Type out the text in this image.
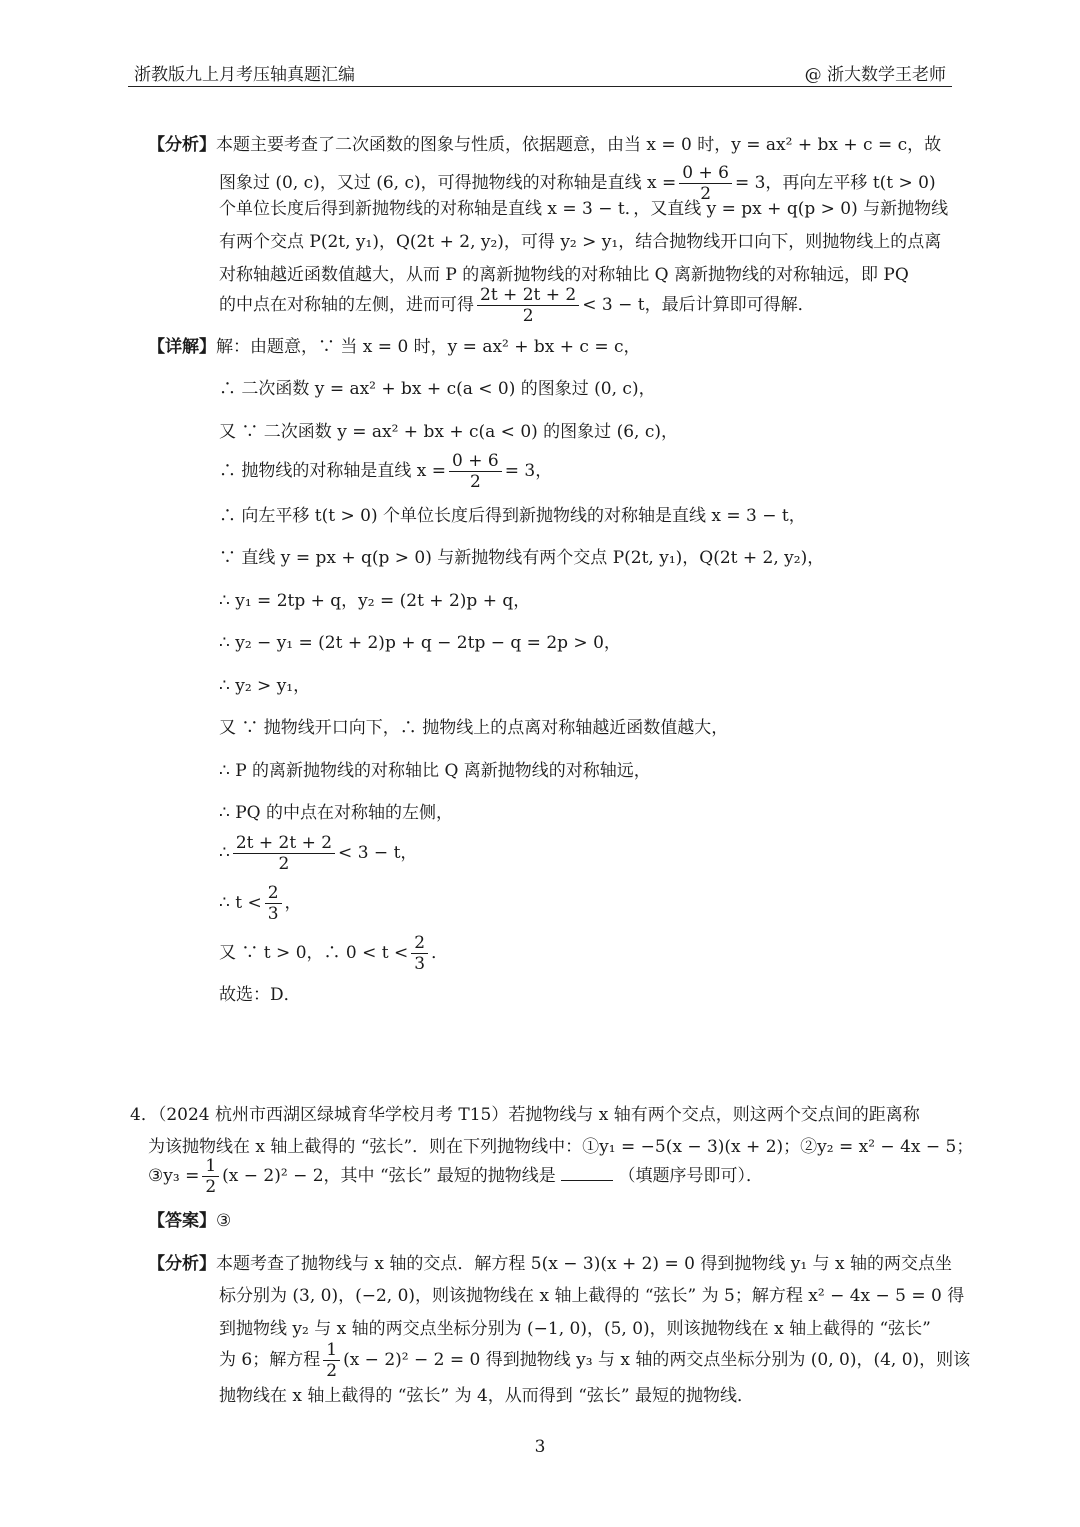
浙教版九上月考压轴真题汇编	@ 浙大数学王老师
【分析】本题主要考查了二次函数的图象与性质，依据题意，由当 x = 0 时，y = ax² + bx + c = c，故
图象过 (0, c)，又过 (6, c)，可得抛物线的对称轴是直线 $x = \frac{0 + 6}{2} = 3$，再向左平移 t(t > 0)
个单位长度后得到新抛物线的对称轴是直线 x = 3 − t．，又直线 y = px + q(p > 0) 与新抛物线
有两个交点 P(2t, y₁)，Q(2t + 2, y₂)，可得 y₂ > y₁，结合抛物线开口向下，则抛物线上的点离
对称轴越近函数值越大，从而 P 的离新抛物线的对称轴比 Q 离新抛物线的对称轴远，即 PQ
的中点在对称轴的左侧，进而可得 $\frac{2t + 2t + 2}{2} < 3 - t$，最后计算即可得解．
【详解】解：由题意，∵ 当 x = 0 时，y = ax² + bx + c = c，
∴ 二次函数 y = ax² + bx + c(a < 0) 的图象过 (0, c)，
又 ∵ 二次函数 y = ax² + bx + c(a < 0) 的图象过 (6, c)，
∴ 抛物线的对称轴是直线 $x = \frac{0 + 6}{2} = 3$，
∴ 向左平移 t(t > 0) 个单位长度后得到新抛物线的对称轴是直线 x = 3 − t，
∵ 直线 y = px + q(p > 0) 与新抛物线有两个交点 P(2t, y₁)，Q(2t + 2, y₂)，
∴ y₁ = 2tp + q，y₂ = (2t + 2)p + q，
∴ y₂ − y₁ = (2t + 2)p + q − 2tp − q = 2p > 0，
∴ y₂ > y₁，
又 ∵ 抛物线开口向下，∴ 抛物线上的点离对称轴越近函数值越大，
∴ P 的离新抛物线的对称轴比 Q 离新抛物线的对称轴远，
∴ PQ 的中点在对称轴的左侧，
∴ $\frac{2t + 2t + 2}{2} < 3 - t$，
∴ $t < \frac{2}{3}$ ，
又 ∵ t > 0，∴ $0 < t < \frac{2}{3}$ ．
故选：D．
4．（2024 杭州市西湖区绿城育华学校月考 T15）若抛物线与 x 轴有两个交点，则这两个交点间的距离称
为该抛物线在 x 轴上截得的 “弦长”．则在下列抛物线中：①y₁ = −5(x − 3)(x + 2)；②y₂ = x² − 4x − 5；
③y₃ = $\frac{1}{2} (x - 2)^2 - 2$，其中 “弦长” 最短的抛物线是	（填题序号即可）．
【答案】③
【分析】本题考查了抛物线与 x 轴的交点．解方程 5(x − 3)(x + 2) = 0 得到抛物线 y₁ 与 x 轴的两交点坐
标分别为 (3, 0)，(−2, 0)，则该抛物线在 x 轴上截得的 “弦长” 为 5；解方程 x² − 4x − 5 = 0 得
到抛物线 y₂ 与 x 轴的两交点坐标分别为 (−1, 0)，(5, 0)，则该抛物线在 x 轴上截得的 “弦长”
为 6；解方程 $\frac{1}{2} (x - 2)^2 - 2 = 0$ 得到抛物线 y₃ 与 x 轴的两交点坐标分别为 (0, 0)，(4, 0)，则该
抛物线在 x 轴上截得的 “弦长” 为 4，从而得到 “弦长” 最短的抛物线．
3
